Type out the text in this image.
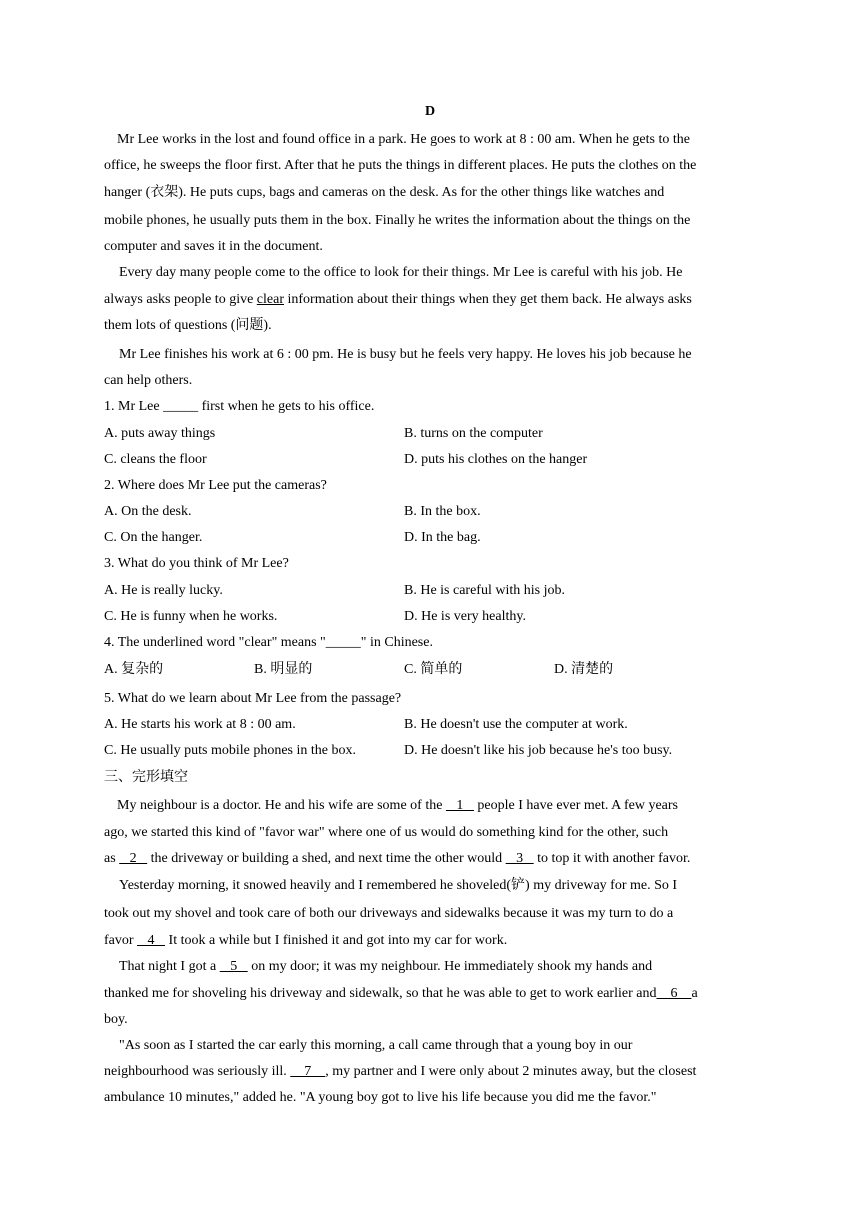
D
Mr Lee works in the lost and found office in a park. He goes to work at 8 : 00 am. When he gets to the
office, he sweeps the floor first. After that he puts the things in different places. He puts the clothes on the
hanger (衣架). He puts cups, bags and cameras on the desk. As for the other things like watches and
mobile phones, he usually puts them in the box. Finally he writes the information about the things on the
computer and saves it in the document.
Every day many people come to the office to look for their things. Mr Lee is careful with his job. He
always asks people to give clear information about their things when they get them back. He always asks
them lots of questions (问题).
Mr Lee finishes his work at 6 : 00 pm. He is busy but he feels very happy. He loves his job because he
can help others.
1. Mr Lee _____ first when he gets to his office.
A. puts away things	B. turns on the computer
C. cleans the floor	D. puts his clothes on the hanger
2. Where does Mr Lee put the cameras?
A. On the desk.	B. In the box.
C. On the hanger.	D. In the bag.
3. What do you think of Mr Lee?
A. He is really lucky.	B. He is careful with his job.
C. He is funny when he works.	D. He is very healthy.
4. The underlined word "clear" means "_____" in Chinese.
A. 复杂的	B. 明显的	C. 简单的	D. 清楚的
5. What do we learn about Mr Lee from the passage?
A. He starts his work at 8 : 00 am.	B. He doesn't use the computer at work.
C. He usually puts mobile phones in the box.	D. He doesn't like his job because he's too busy.
三、完形填空
My neighbour is a doctor. He and his wife are some of the    1    people I have ever met. A few years
ago, we started this kind of "favor war" where one of us would do something kind for the other, such
as    2    the driveway or building a shed, and next time the other would    3    to top it with another favor.
Yesterday morning, it snowed heavily and I remembered he shoveled(铲) my driveway for me. So I
took out my shovel and took care of both our driveways and sidewalks because it was my turn to do a
favor    4    It took a while but I finished it and got into my car for work.
That night I got a    5    on my door; it was my neighbour. He immediately shook my hands and
thanked me for shoveling his driveway and sidewalk, so that he was able to get to work earlier and    6    a
boy.
"As soon as I started the car early this morning, a call came through that a young boy in our
neighbourhood was seriously ill.     7    , my partner and I were only about 2 minutes away, but the closest
ambulance 10 minutes," added he. "A young boy got to live his life because you did me the favor."
